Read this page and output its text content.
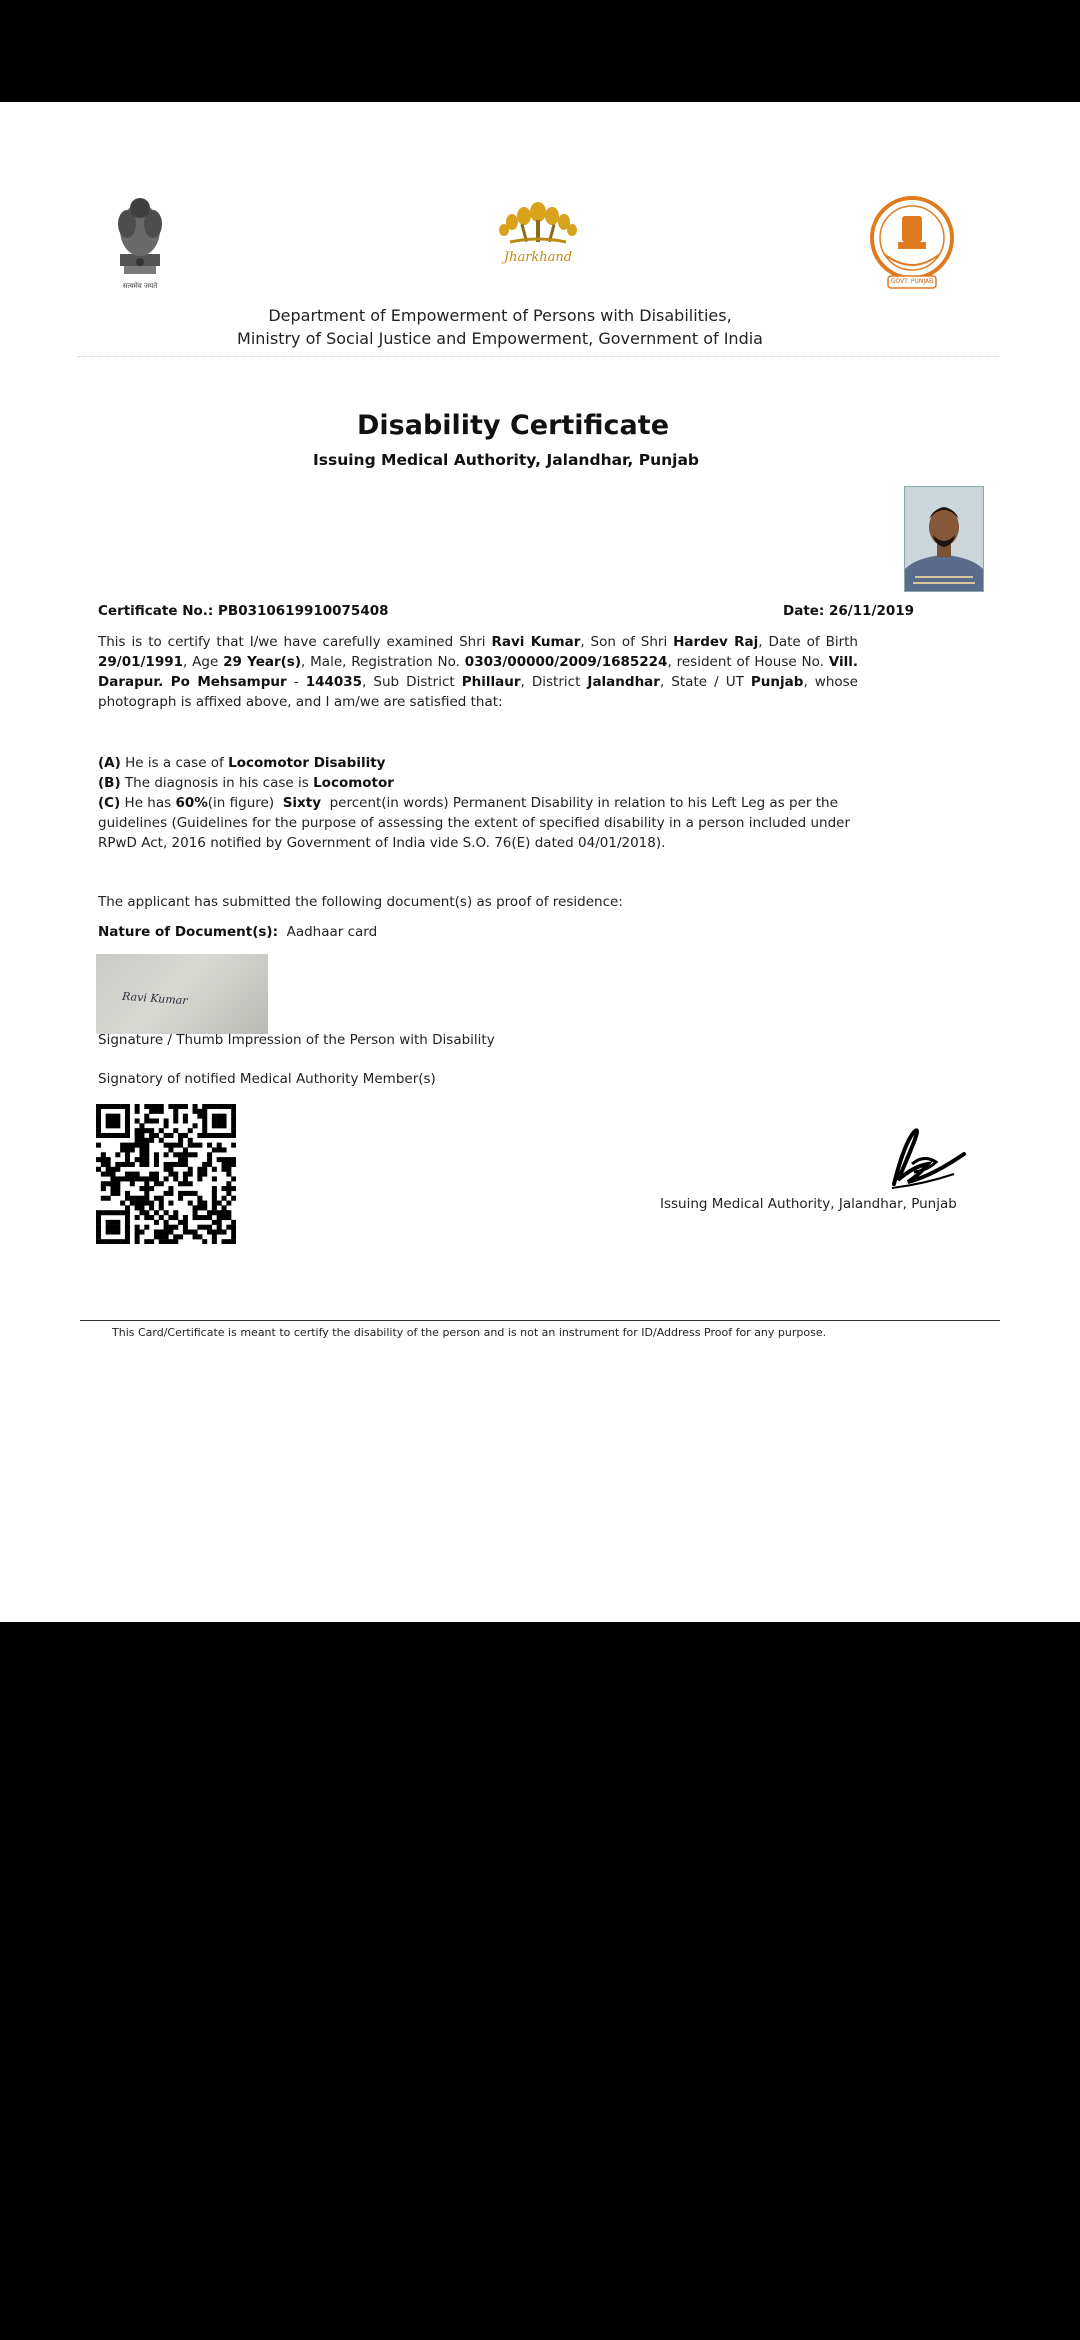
सत्यमेव जयते
Jharkhand
GOVT. PUNJAB
Department of Empowerment of Persons with Disabilities,
Ministry of Social Justice and Empowerment, Government of India
Disability Certificate
Issuing Medical Authority, Jalandhar, Punjab
Certificate No.: PB0310619910075408	Date: 26/11/2019
This is to certify that I/we have carefully examined Shri Ravi Kumar, Son of Shri Hardev Raj, Date of Birth 29/01/1991, Age 29 Year(s), Male, Registration No. 0303/00000/2009/1685224, resident of House No. Vill. Darapur. Po Mehsampur - 144035, Sub District Phillaur, District Jalandhar, State / UT Punjab, whose photograph is affixed above, and I am/we are satisfied that:
(A) He is a case of Locomotor Disability
(B) The diagnosis in his case is Locomotor
(C) He has 60%(in figure)  Sixty  percent(in words) Permanent Disability in relation to his Left Leg as per the guidelines (Guidelines for the purpose of assessing the extent of specified disability in a person included under RPwD Act, 2016 notified by Government of India vide S.O. 76(E) dated 04/01/2018).
The applicant has submitted the following document(s) as proof of residence:
Nature of Document(s): Aadhaar card
Ravi Kumar
Signature / Thumb Impression of the Person with Disability
Signatory of notified Medical Authority Member(s)
Issuing Medical Authority, Jalandhar, Punjab
This Card/Certificate is meant to certify the disability of the person and is not an instrument for ID/Address Proof for any purpose.
